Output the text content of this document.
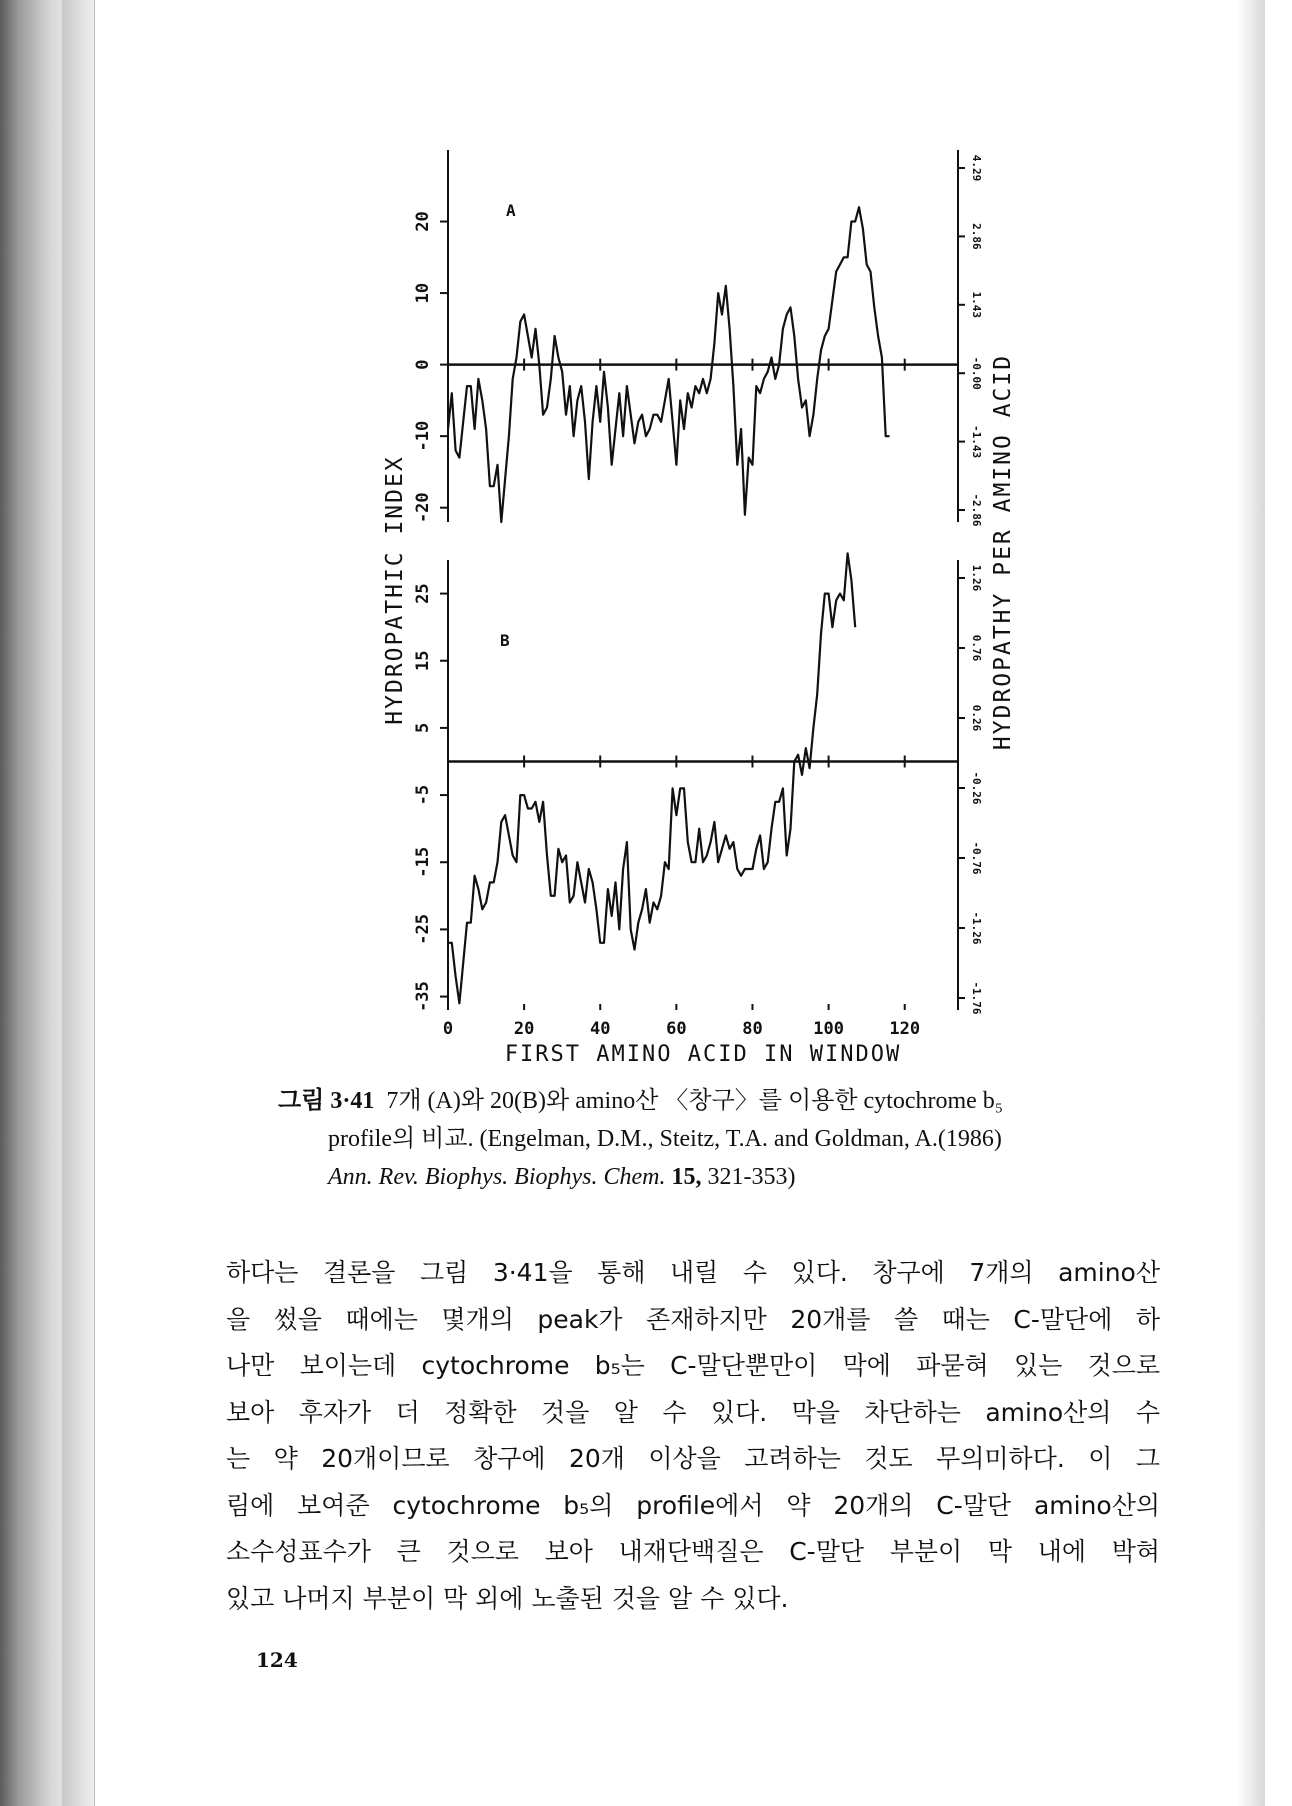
-20
-10
0
10
20
-2.86
-1.43
-0.00
1.43
2.86
4.29
A
-35
-25
-15
-5
5
15
25
-1.76
-1.26
-0.76
-0.26
0.26
0.76
1.26
B
0	20	40	60	80	100	120
FIRST AMINO ACID IN WINDOW
HYDROPATHIC INDEX	HYDROPATHY PER AMINO ACID
그림 3·41 7개 (A)와 20(B)와 amino산 〈창구〉를 이용한 cytochrome b₅
profile의 비교. (Engelman, D.M., Steitz, T.A. and Goldman, A.(1986)
Ann. Rev. Biophys. Biophys. Chem. 15, 321-353)
하다는 결론을 그림 3·41을 통해 내릴 수 있다. 창구에 7개의 amino산
을 썼을 때에는 몇개의 peak가 존재하지만 20개를 쓸 때는 C-말단에 하
나만 보이는데 cytochrome b₅는 C-말단뿐만이 막에 파묻혀 있는 것으로
보아 후자가 더 정확한 것을 알 수 있다. 막을 차단하는 amino산의 수
는 약 20개이므로 창구에 20개 이상을 고려하는 것도 무의미하다. 이 그
림에 보여준 cytochrome b₅의 profile에서 약 20개의 C-말단 amino산의
소수성표수가 큰 것으로 보아 내재단백질은 C-말단 부분이 막 내에 박혀
있고 나머지 부분이 막 외에 노출된 것을 알 수 있다.
124
